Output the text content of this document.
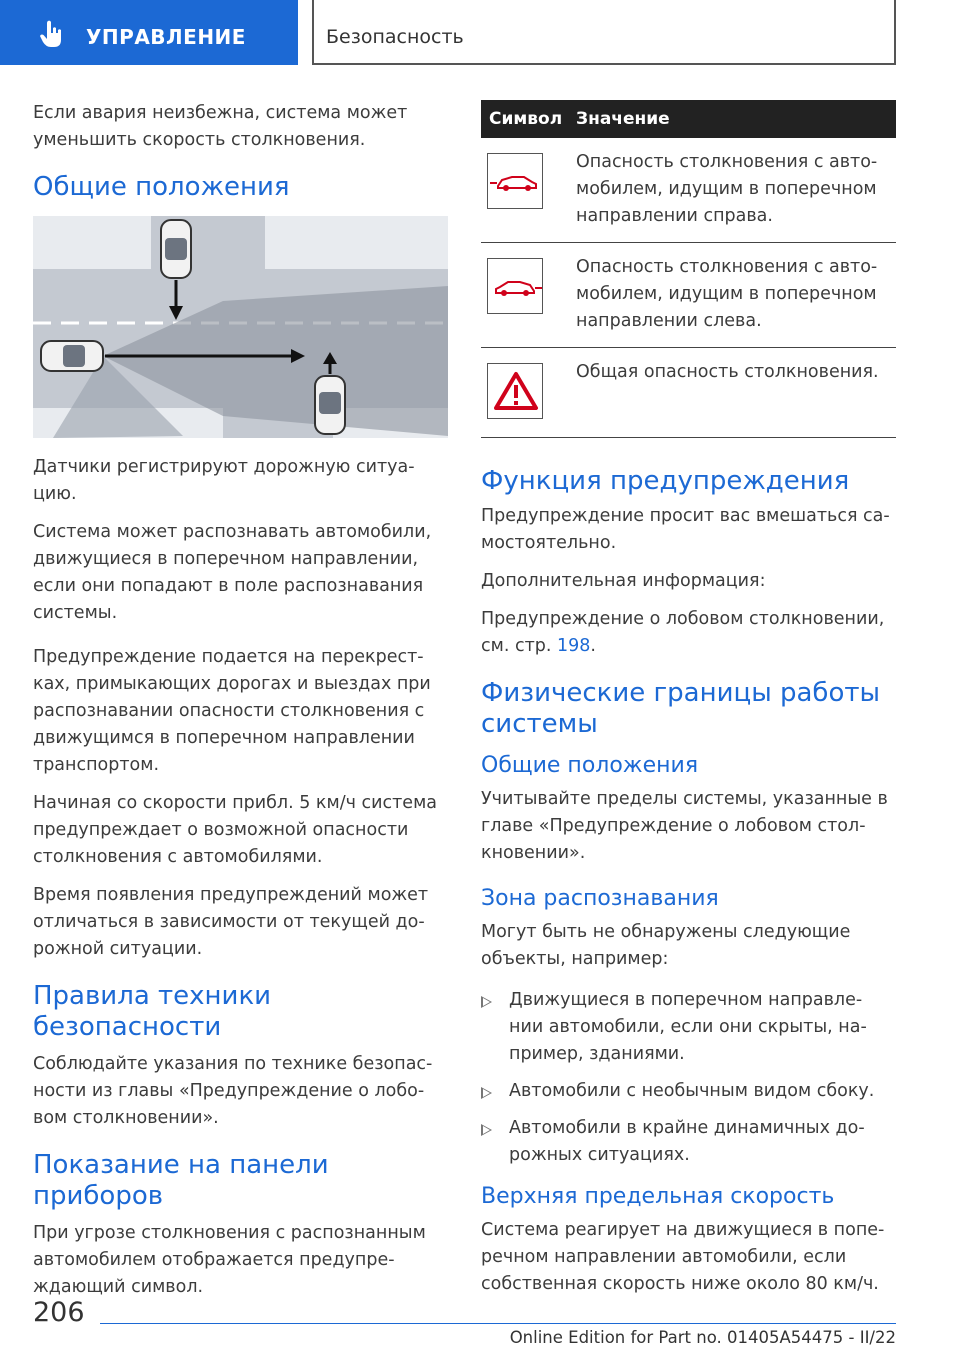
УПРАВЛЕНИЕ	Безопасность

Если авария неизбежна, система может уменьшить скорость столкновения.

Общие положения

Датчики регистрируют дорожную ситуа‐цию.

Система может распознавать автомобили, движущиеся в поперечном направлении, если они попадают в поле распознавания системы.

Предупреждение подается на перекрест‐ках, примыкающих дорогах и выездах при распознавании опасности столкновения с движущимся в поперечном направлении транспортом.

Начиная со скорости прибл. 5 км/ч система предупреждает о возможной опасности столкновения с автомобилями.

Время появления предупреждений может отличаться в зависимости от текущей до‐рожной ситуации.

Правила техники безопасности

Соблюдайте указания по технике безопас‐ности из главы «Предупреждение о лобо‐вом столкновении».

Показание на панели приборов

При угрозе столкновения с распознанным автомобилем отображается предупре‐ждающий символ.

Символ Значение
Опасность столкновения с авто‐мобилем, идущим в поперечном направлении справа.
Опасность столкновения с авто‐мобилем, идущим в поперечном направлении слева.
Общая опасность столкновения.
Функция предупреждения

Предупреждение просит вас вмешаться са‐мостоятельно.

Дополнительная информация:

Предупреждение о лобовом столкновении, см. стр. 198.

Физические границы работы системы
Общие положения

Учитывайте пределы системы, указанные в главе «Предупреждение о лобовом стол‐кновении».

Зона распознавания

Могут быть не обнаружены следующие объекты, например:

Движущиеся в поперечном направле‐нии автомобили, если они скрыты, на‐пример, зданиями.
Автомобили с необычным видом сбоку.
Автомобили в крайне динамичных до‐рожных ситуациях.
Верхняя предельная скорость

Система реагирует на движущиеся в попе‐речном направлении автомобили, если собственная скорость ниже около 80 км/ч.

206
Online Edition for Part no. 01405A54475 - II/22
